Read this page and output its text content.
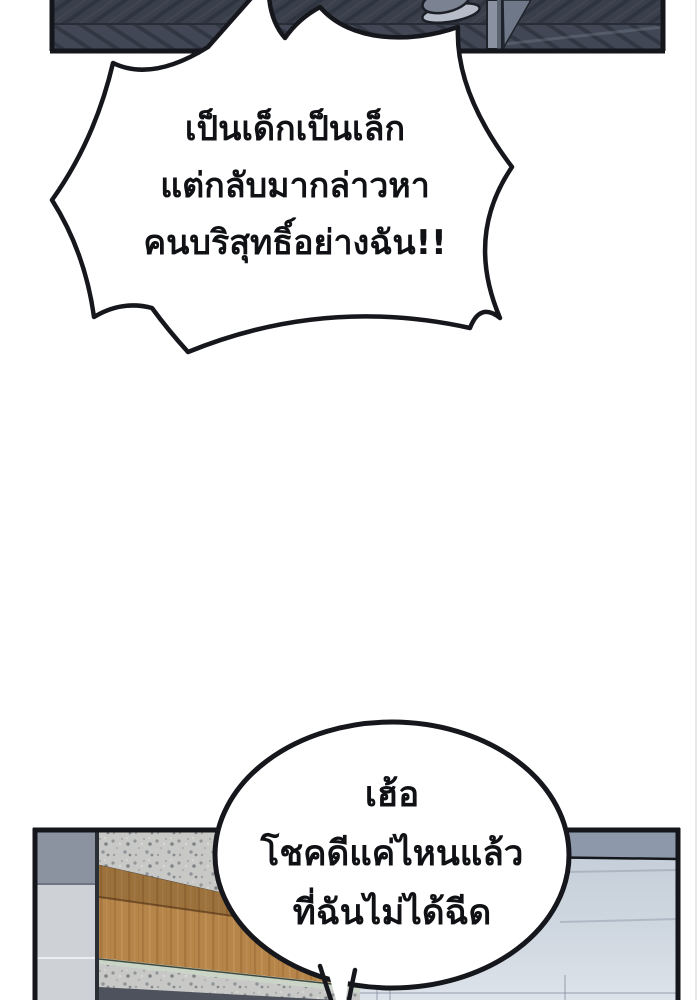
เป็นเด็กเป็นเล็ก
แต่กลับมากล่าวหา
คนบริสุทธิ์อย่างฉัน!!
เฮ้อ
โชคดีแค่ไหนแล้ว
ที่ฉันไม่ได้ฉีด
